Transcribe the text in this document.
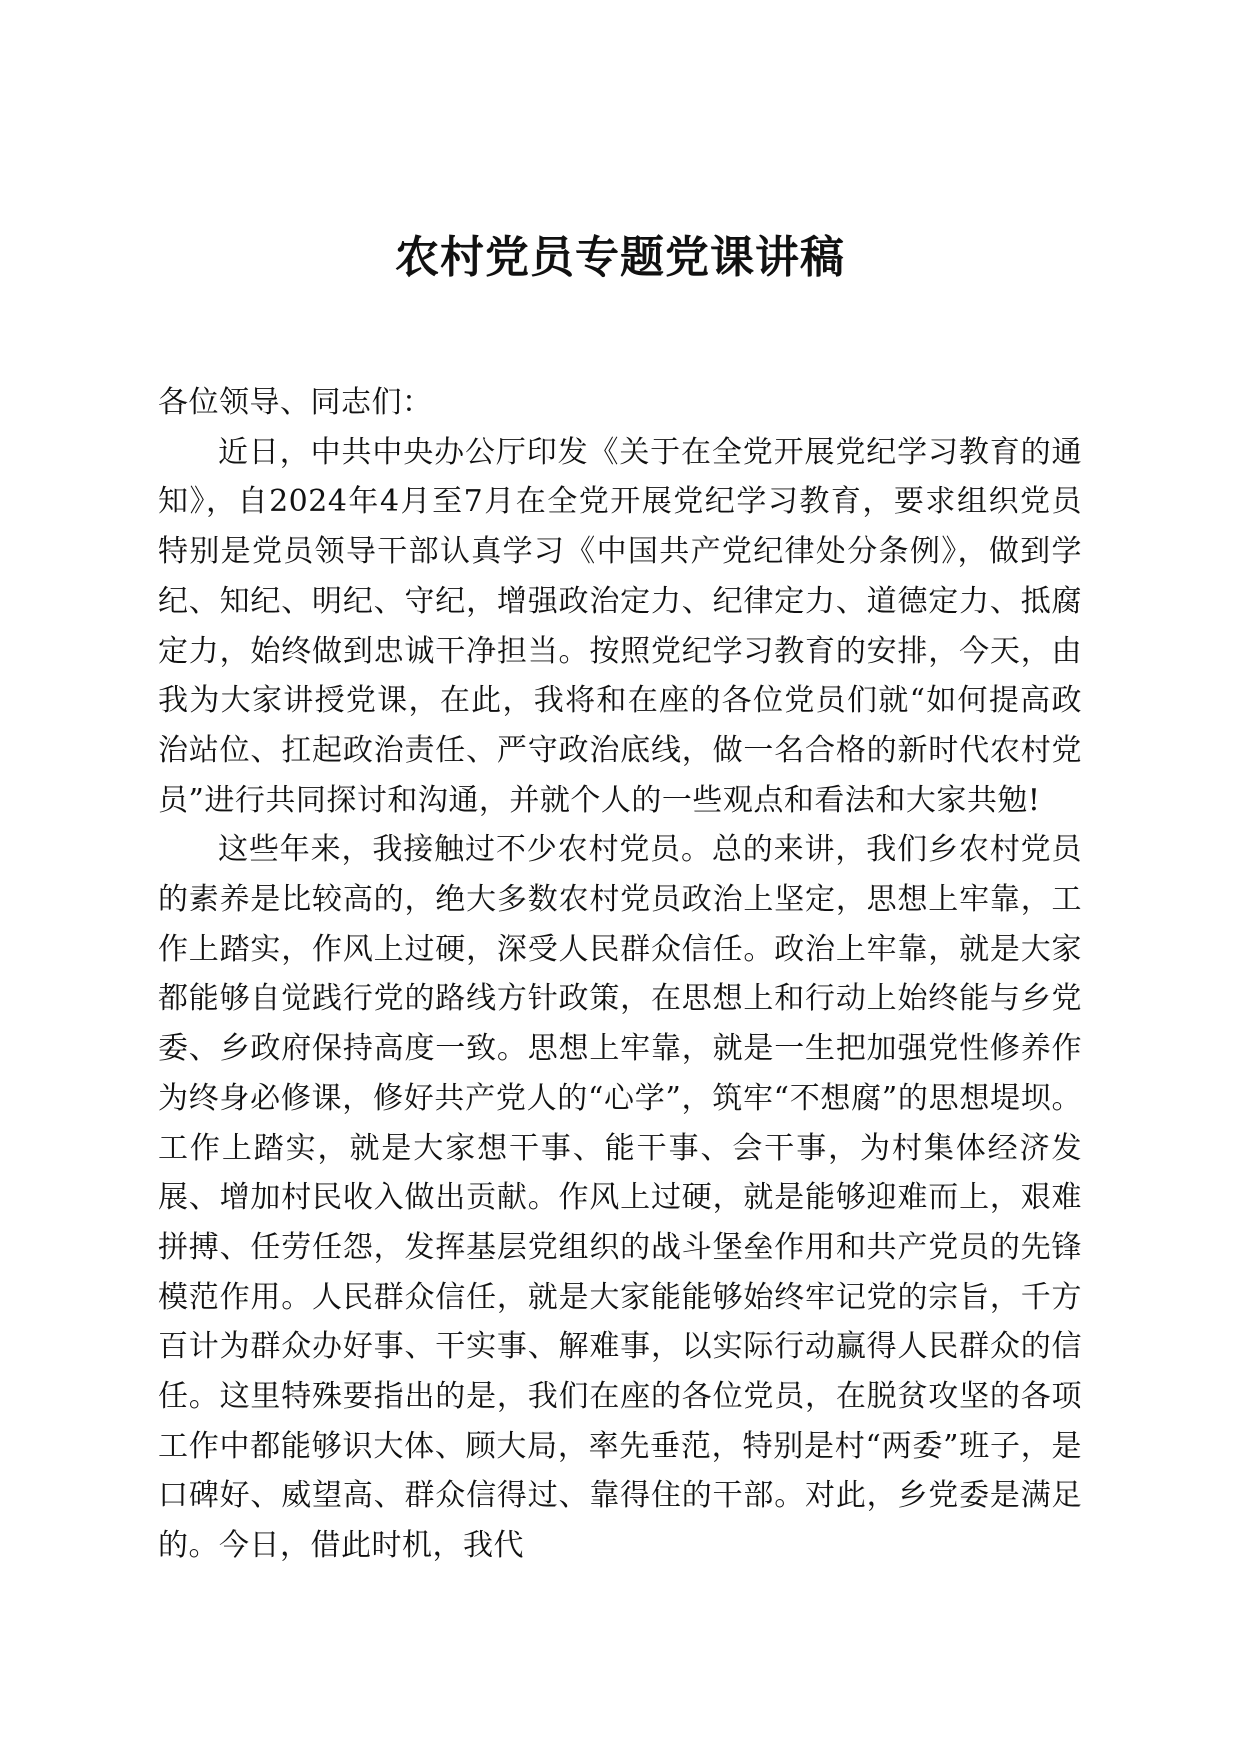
农村党员专题党课讲稿

各位领导、同志们：

近日，中共中央办公厅印发《关于在全党开展党纪学习教育的通知》，自2024年4月至7月在全党开展党纪学习教育，要求组织党员特别是党员领导干部认真学习《中国共产党纪律处分条例》，做到学纪、知纪、明纪、守纪，增强政治定力、纪律定力、道德定力、抵腐定力，始终做到忠诚干净担当。按照党纪学习教育的安排，今天，由我为大家讲授党课，在此，我将和在座的各位党员们就“如何提高政治站位、扛起政治责任、严守政治底线，做一名合格的新时代农村党员”进行共同探讨和沟通，并就个人的一些观点和看法和大家共勉!

这些年来，我接触过不少农村党员。总的来讲，我们乡农村党员的素养是比较高的，绝大多数农村党员政治上坚定，思想上牢靠，工作上踏实，作风上过硬，深受人民群众信任。政治上牢靠，就是大家都能够自觉践行党的路线方针政策，在思想上和行动上始终能与乡党委、乡政府保持高度一致。思想上牢靠，就是一生把加强党性修养作为终身必修课，修好共产党人的“心学”，筑牢“不想腐”的思想堤坝。工作上踏实，就是大家想干事、能干事、会干事，为村集体经济发展、增加村民收入做出贡献。作风上过硬，就是能够迎难而上，艰难拼搏、任劳任怨，发挥基层党组织的战斗堡垒作用和共产党员的先锋模范作用。人民群众信任，就是大家能能够始终牢记党的宗旨，千方百计为群众办好事、干实事、解难事，以实际行动赢得人民群众的信任。这里特殊要指出的是，我们在座的各位党员，在脱贫攻坚的各项工作中都能够识大体、顾大局，率先垂范，特别是村“两委”班子，是口碑好、威望高、群众信得过、靠得住的干部。对此，乡党委是满足的。今日，借此时机，我代
